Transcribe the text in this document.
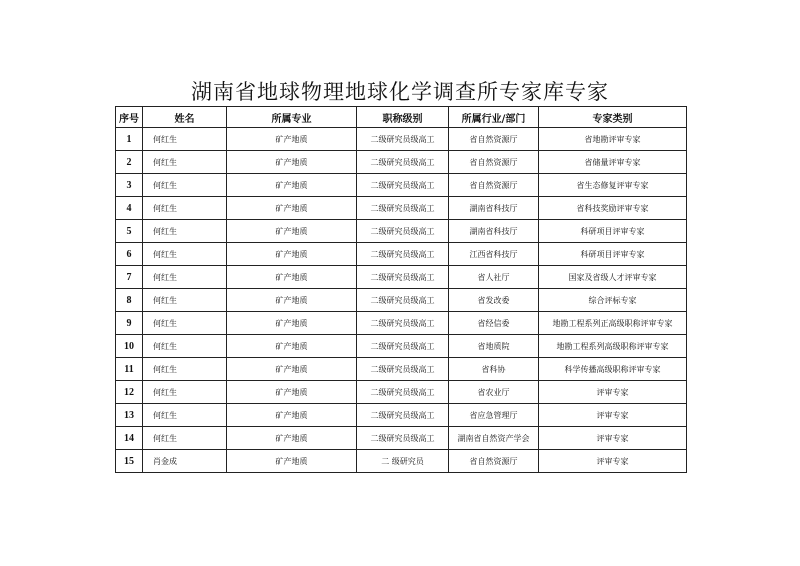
湖南省地球物理地球化学调查所专家库专家
序号	姓名	所属专业	职称级别	所属行业/部门	专家类别
1	何红生	矿产地质	二级研究员级高工	省自然资源厅	省地勘评审专家
2	何红生	矿产地质	二级研究员级高工	省自然资源厅	省储量评审专家
3	何红生	矿产地质	二级研究员级高工	省自然资源厅	省生态修复评审专家
4	何红生	矿产地质	二级研究员级高工	湖南省科技厅	省科技奖励评审专家
5	何红生	矿产地质	二级研究员级高工	湖南省科技厅	科研项目评审专家
6	何红生	矿产地质	二级研究员级高工	江西省科技厅	科研项目评审专家
7	何红生	矿产地质	二级研究员级高工	省人社厅	国家及省级人才评审专家
8	何红生	矿产地质	二级研究员级高工	省发改委	综合评标专家
9	何红生	矿产地质	二级研究员级高工	省经信委	地勘工程系列正高级职称评审专家
10	何红生	矿产地质	二级研究员级高工	省地质院	地勘工程系列高级职称评审专家
11	何红生	矿产地质	二级研究员级高工	省科协	科学传播高级职称评审专家
12	何红生	矿产地质	二级研究员级高工	省农业厅	评审专家
13	何红生	矿产地质	二级研究员级高工	省应急管理厅	评审专家
14	何红生	矿产地质	二级研究员级高工	湖南省自然资产学会	评审专家
15	肖金成	矿产地质	二 级研究员	省自然资源厅	评审专家
